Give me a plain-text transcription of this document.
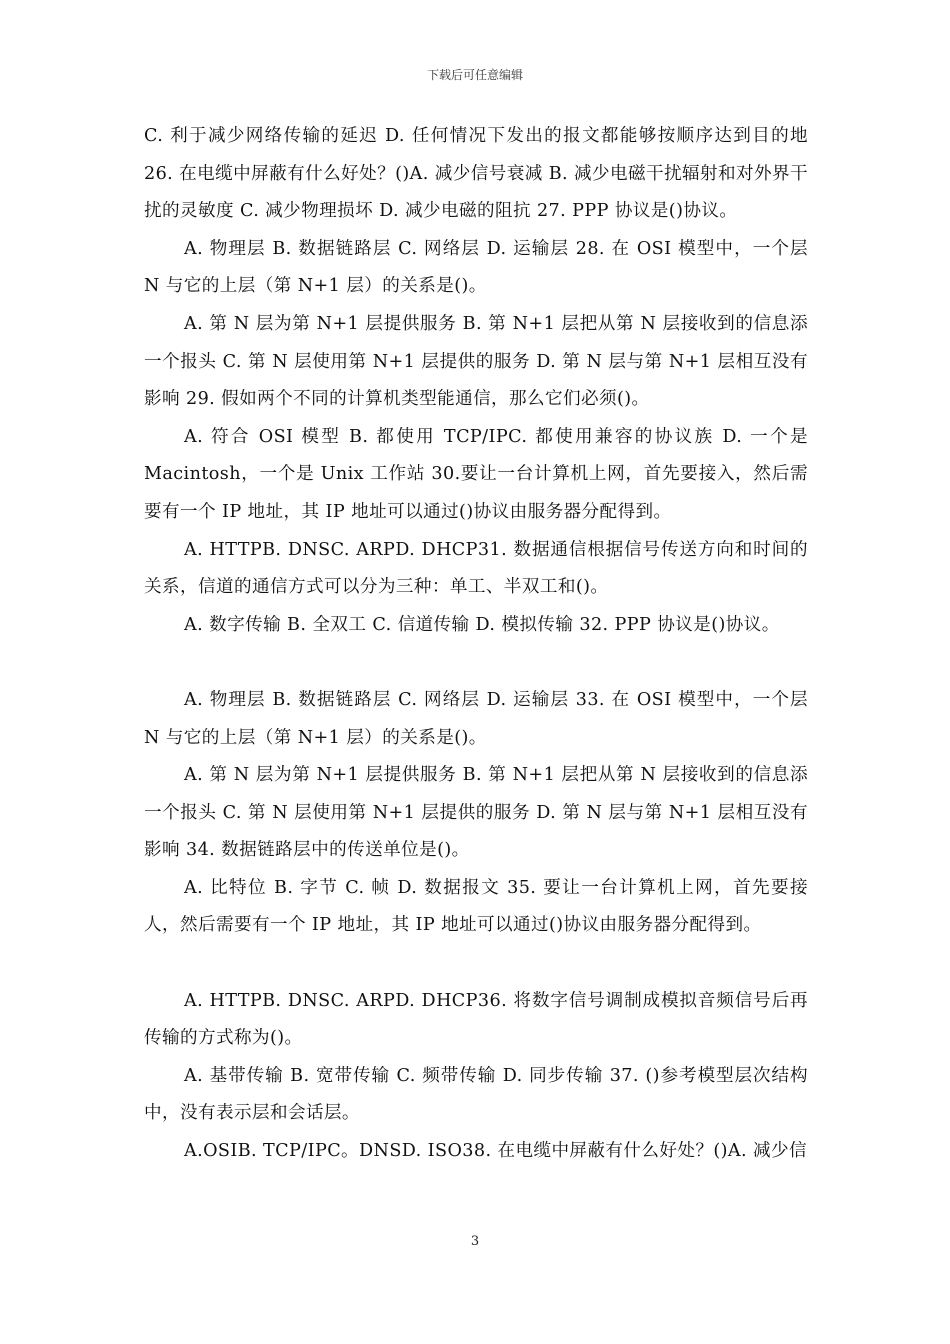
下载后可任意编辑

C. 利于减少网络传输的延迟 D. 任何情况下发出的报文都能够按顺序达到目的地 26. 在电缆中屏蔽有什么好处？()A. 减少信号衰减 B. 减少电磁干扰辐射和对外界干扰的灵敏度 C. 减少物理损坏 D. 减少电磁的阻抗 27. PPP 协议是()协议。

A. 物理层 B. 数据链路层 C. 网络层 D. 运输层 28. 在 OSI 模型中，一个层 N 与它的上层（第 N+1 层）的关系是()。

A. 第 N 层为第 N+1 层提供服务 B. 第 N+1 层把从第 N 层接收到的信息添一个报头 C. 第 N 层使用第 N+1 层提供的服务 D. 第 N 层与第 N+1 层相互没有影响 29. 假如两个不同的计算机类型能通信，那么它们必须()。

A. 符合 OSI 模型 B. 都使用 TCP/IPC. 都使用兼容的协议族 D. 一个是 Macintosh，一个是 Unix 工作站 30.要让一台计算机上网，首先要接入，然后需要有一个 IP 地址，其 IP 地址可以通过()协议由服务器分配得到。

A. HTTPB. DNSC. ARPD. DHCP31. 数据通信根据信号传送方向和时间的关系，信道的通信方式可以分为三种：单工、半双工和()。

A. 数字传输 B. 全双工 C. 信道传输 D. 模拟传输 32. PPP 协议是()协议。

A. 物理层 B. 数据链路层 C. 网络层 D. 运输层 33. 在 OSI 模型中，一个层 N 与它的上层（第 N+1 层）的关系是()。

A. 第 N 层为第 N+1 层提供服务 B. 第 N+1 层把从第 N 层接收到的信息添一个报头 C. 第 N 层使用第 N+1 层提供的服务 D. 第 N 层与第 N+1 层相互没有影响 34. 数据链路层中的传送单位是()。

A. 比特位 B. 字节 C. 帧 D. 数据报文 35. 要让一台计算机上网，首先要接人，然后需要有一个 IP 地址，其 IP 地址可以通过()协议由服务器分配得到。

A. HTTPB. DNSC. ARPD. DHCP36. 将数字信号调制成模拟音频信号后再传输的方式称为()。

A. 基带传输 B. 宽带传输 C. 频带传输 D. 同步传输 37. ()参考模型层次结构中，没有表示层和会话层。

A.OSIB. TCP/IPC。DNSD. ISO38. 在电缆中屏蔽有什么好处？()A. 减少信

3
